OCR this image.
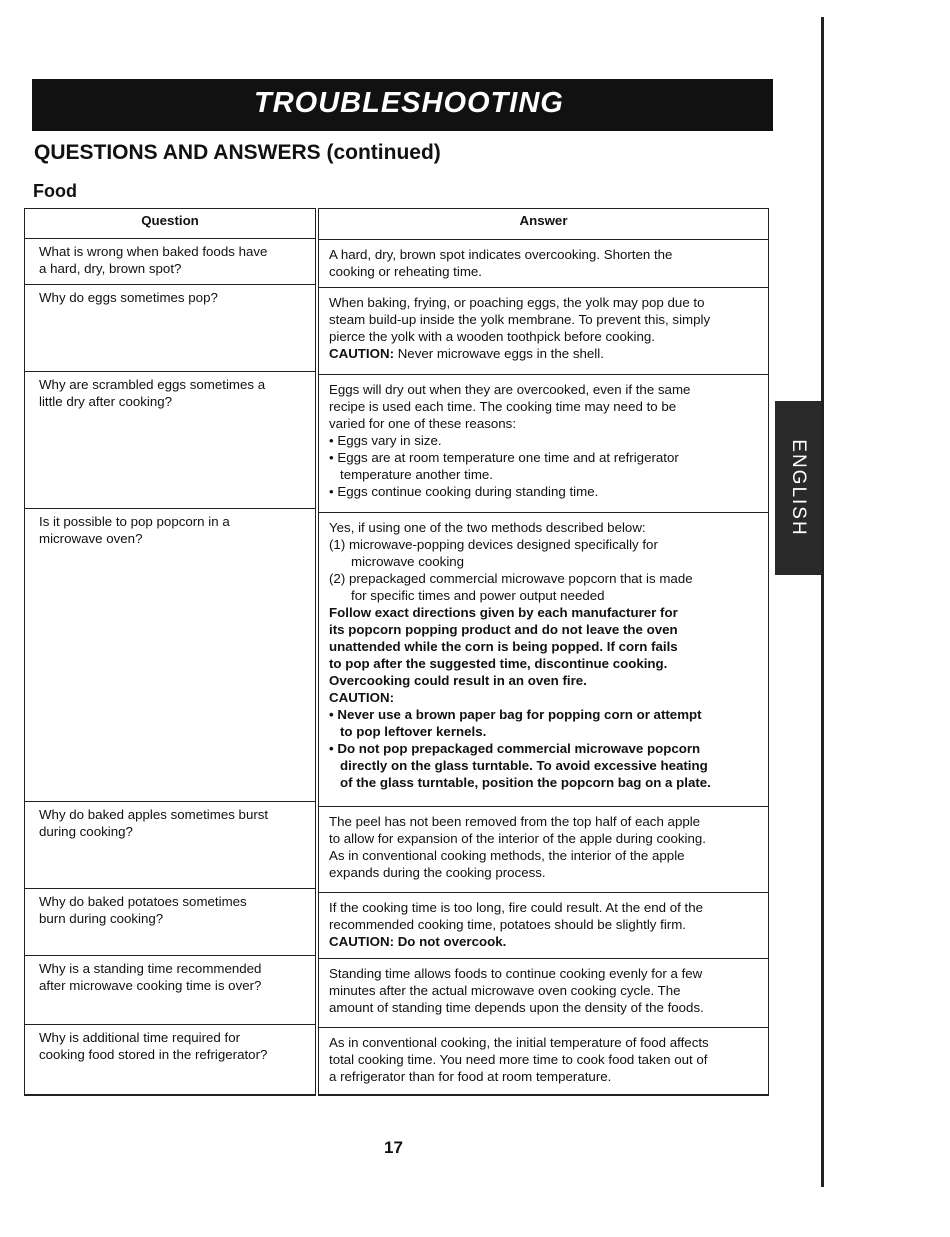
TROUBLESHOOTING
QUESTIONS AND ANSWERS (continued)
Food
Question
What is wrong when baked foods have
a hard, dry, brown spot?
Why do eggs sometimes pop?
Why are scrambled eggs sometimes a
little dry after cooking?
Is it possible to pop popcorn in a
microwave oven?
Why do baked apples sometimes burst
during cooking?
Why do baked potatoes sometimes
burn during cooking?
Why is a standing time recommended
after microwave cooking time is over?
Why is additional time required for
cooking food stored in the refrigerator?
Answer
A hard, dry, brown spot indicates overcooking. Shorten the
cooking or reheating time.
When baking, frying, or poaching eggs, the yolk may pop due to
steam build-up inside the yolk membrane. To prevent this, simply
pierce the yolk with a wooden toothpick before cooking.
CAUTION: Never microwave eggs in the shell.
Eggs will dry out when they are overcooked, even if the same
recipe is used each time. The cooking time may need to be
varied for one of these reasons:
• Eggs vary in size.
• Eggs are at room temperature one time and at refrigerator
temperature another time.
• Eggs continue cooking during standing time.
Yes, if using one of the two methods described below:
(1) microwave-popping devices designed specifically for
microwave cooking
(2) prepackaged commercial microwave popcorn that is made
for specific times and power output needed
Follow exact directions given by each manufacturer for
its popcorn popping product and do not leave the oven
unattended while the corn is being popped. If corn fails
to pop after the suggested time, discontinue cooking.
Overcooking could result in an oven fire.
CAUTION:
• Never use a brown paper bag for popping corn or attempt
to pop leftover kernels.
• Do not pop prepackaged commercial microwave popcorn
directly on the glass turntable. To avoid excessive heating
of the glass turntable, position the popcorn bag on a plate.
The peel has not been removed from the top half of each apple
to allow for expansion of the interior of the apple during cooking.
As in conventional cooking methods, the interior of the apple
expands during the cooking process.
If the cooking time is too long, fire could result. At the end of the
recommended cooking time, potatoes should be slightly firm.
CAUTION: Do not overcook.
Standing time allows foods to continue cooking evenly for a few
minutes after the actual microwave oven cooking cycle. The
amount of standing time depends upon the density of the foods.
As in conventional cooking, the initial temperature of food affects
total cooking time. You need more time to cook food taken out of
a refrigerator than for food at room temperature.
ENGLISH
17
